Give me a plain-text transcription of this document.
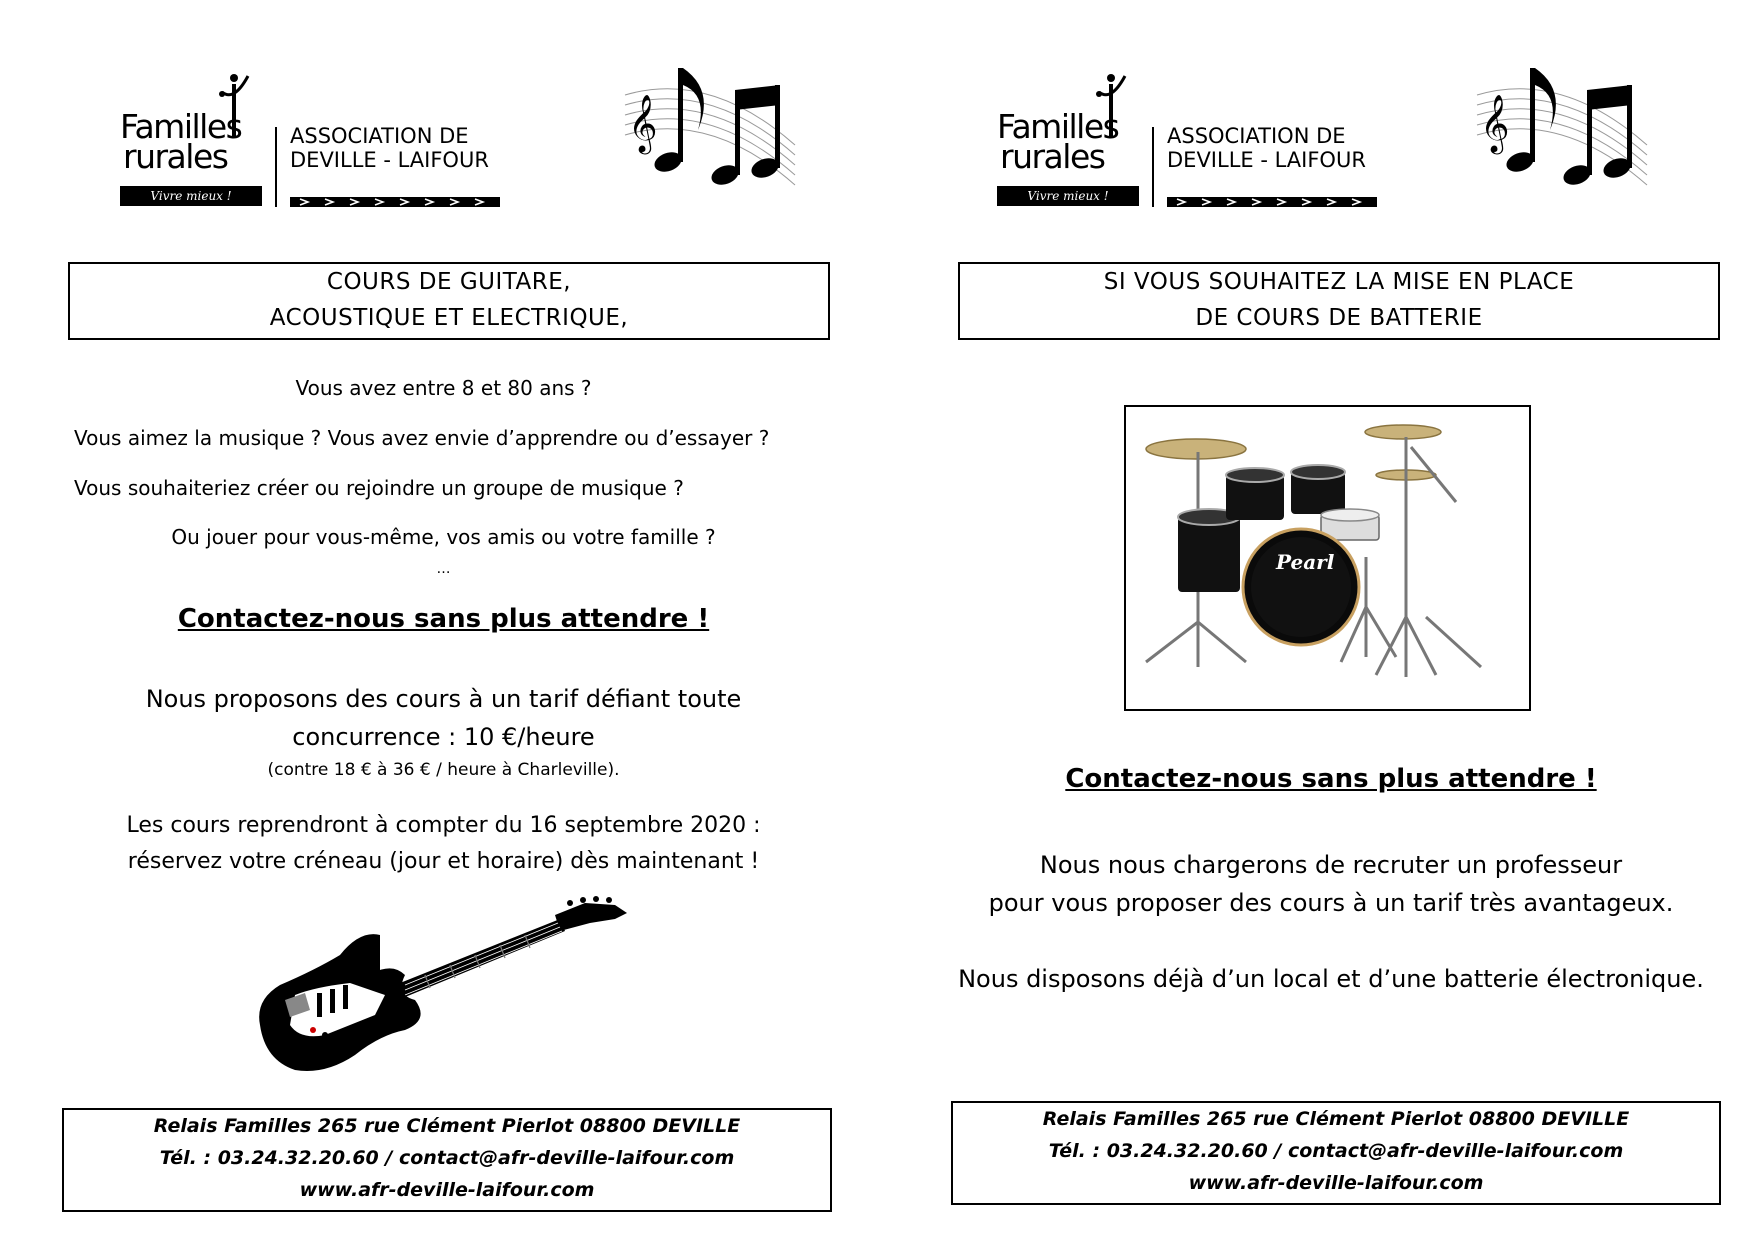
Familles
rurales
Vivre mieux !
ASSOCIATION DE
DEVILLE - LAIFOUR
𝄞
COURS DE GUITARE,
ACOUSTIQUE ET ELECTRIQUE,
Vous avez entre 8 et 80 ans ?
Vous aimez la musique ? Vous avez envie d’apprendre ou d’essayer ?
Vous souhaiteriez créer ou rejoindre un groupe de musique ?
Ou jouer pour vous-même, vos amis ou votre famille ?
…
Contactez-nous sans plus attendre !
Nous proposons des cours à un tarif défiant toute
concurrence : 10 €/heure
(contre 18 € à 36 € / heure à Charleville).
Les cours reprendront à compter du 16 septembre 2020 :
réservez votre créneau (jour et horaire) dès maintenant !
Relais Familles 265 rue Clément Pierlot 08800 DEVILLE
Tél. : 03.24.32.20.60 / contact@afr-deville-laifour.com
www.afr-deville-laifour.com
Familles
rurales
Vivre mieux !
ASSOCIATION DE
DEVILLE - LAIFOUR
𝄞
SI VOUS SOUHAITEZ LA MISE EN PLACE
DE COURS DE BATTERIE
Pearl
Contactez-nous sans plus attendre !
Nous nous chargerons de recruter un professeur
pour vous proposer des cours à un tarif très avantageux.
Nous disposons déjà d’un local et d’une batterie électronique.
Relais Familles 265 rue Clément Pierlot 08800 DEVILLE
Tél. : 03.24.32.20.60 / contact@afr-deville-laifour.com
www.afr-deville-laifour.com
